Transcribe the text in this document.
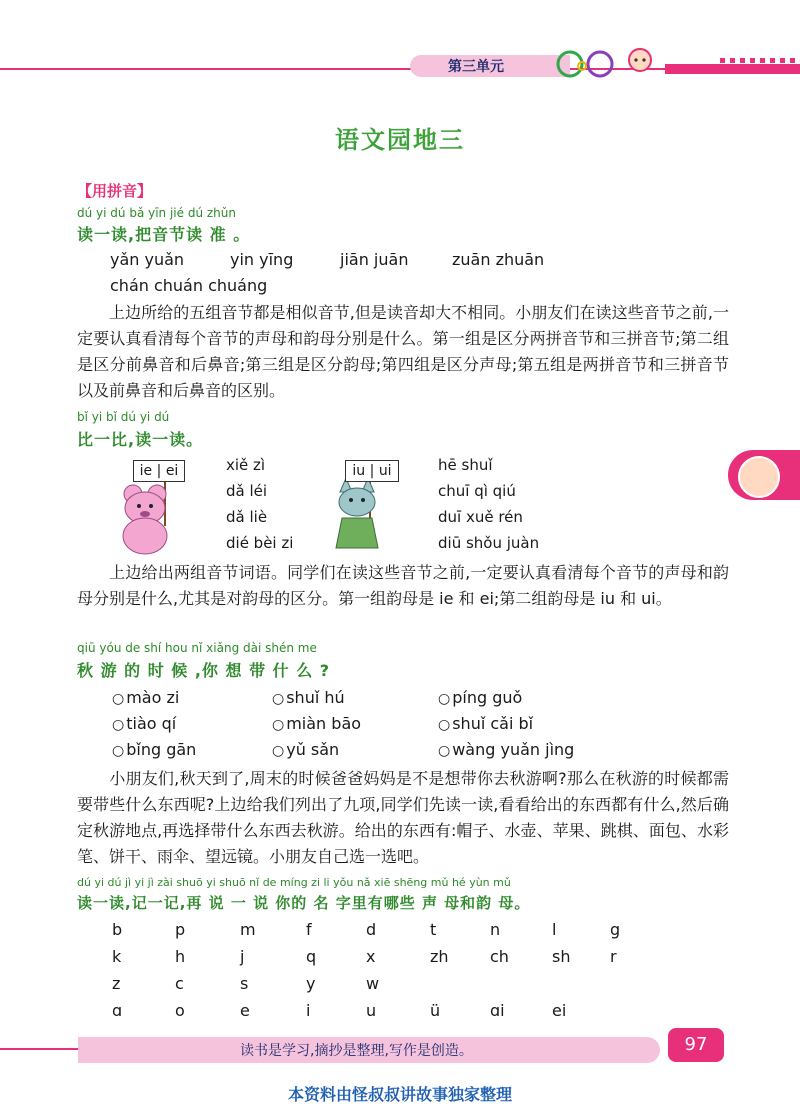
第三单元
语文园地三
【用拼音】
dú yi dú bǎ yīn jié dú zhǔn
读一读,把音节读 准 。
yǎn yuǎn	yin yīng	jiān juān	zuān zhuān
chán chuán chuáng
上边所给的五组音节都是相似音节,但是读音却大不相同。小朋友们在读这些音节之前,一定要认真看清每个音节的声母和韵母分别是什么。第一组是区分两拼音节和三拼音节;第二组是区分前鼻音和后鼻音;第三组是区分韵母;第四组是区分声母;第五组是两拼音节和三拼音节以及前鼻音和后鼻音的区别。
bǐ yi bǐ dú yi dú
比一比,读一读。
ie | ei	iu | ui
xiě zì
dǎ léi
dǎ liè
dié bèi zi
hē shuǐ
chuī qì qiú
duī xuě rén
diū shǒu juàn
上边给出两组音节词语。同学们在读这些音节之前,一定要认真看清每个音节的声母和韵母分别是什么,尤其是对韵母的区分。第一组韵母是 ie 和 ei;第二组韵母是 iu 和 ui。
qiū yóu de shí hou nǐ xiǎng dài shén me
秋 游 的 时 候 ,你 想 带 什 么 ?
○ mào zi	○ shuǐ hú	○ píng guǒ
○ tiào qí	○ miàn bāo	○ shuǐ cǎi bǐ
○ bǐng gān	○ yǔ sǎn	○ wàng yuǎn jìng
小朋友们,秋天到了,周末的时候爸爸妈妈是不是想带你去秋游啊?那么在秋游的时候都需要带些什么东西呢?上边给我们列出了九项,同学们先读一读,看看给出的东西都有什么,然后确定秋游地点,再选择带什么东西去秋游。给出的东西有:帽子、水壶、苹果、跳棋、面包、水彩笔、饼干、雨伞、望远镜。小朋友自己选一选吧。
dú yi dú jì yi jì zài shuō yi shuō nǐ de míng zi li yǒu nǎ xiē shēng mǔ hé yùn mǔ
读一读,记一记,再 说 一 说 你的 名 字里有哪些 声 母和韵 母。
b	p	m	f	d	t	n	l	g
k	h	j	q	x	zh	ch	sh r
z	c	s	y	w
ɑ	o	e	i	u	ü	ɑi	ei
读书是学习,摘抄是整理,写作是创造。	97
本资料由怪叔叔讲故事独家整理
